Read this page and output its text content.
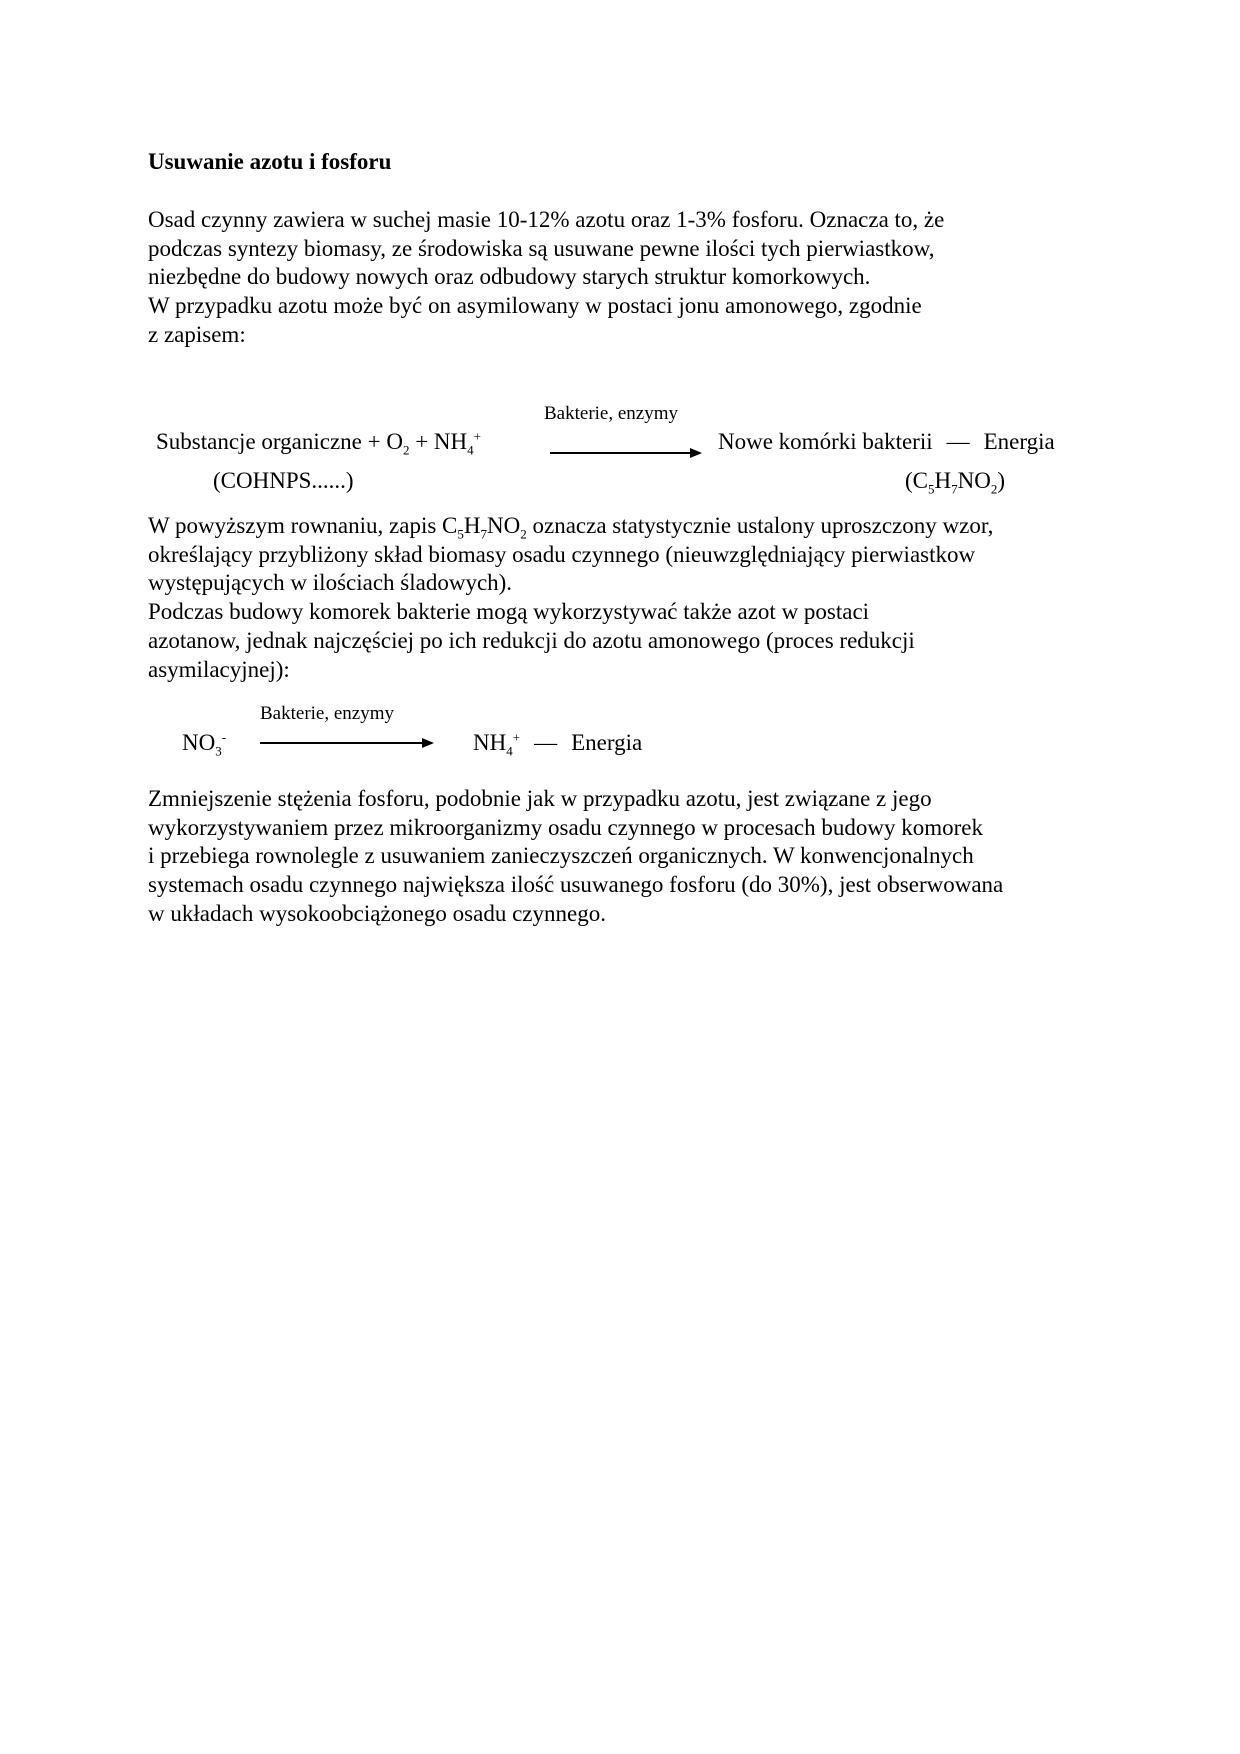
Usuwanie azotu i fosforu
Osad czynny zawiera w suchej masie 10-12% azotu oraz 1-3% fosforu. Oznacza to, że
podczas syntezy biomasy, ze środowiska są usuwane pewne ilości tych pierwiastkow,
niezbędne do budowy nowych oraz odbudowy starych struktur komorkowych.
W przypadku azotu może być on asymilowany w postaci jonu amonowego, zgodnie
z zapisem:
Bakterie, enzymy
Substancje organiczne + $O_2 + NH_4^+$	Nowe komórki bakterii — Energia
(COHNPS......)	$(C_5H_7NO_2)$
W powyższym rownaniu, zapis $C_5H_7NO_2$ oznacza statystycznie ustalony uproszczony wzor,
określający przybliżony skład biomasy osadu czynnego (nieuwzględniający pierwiastkow
występujących w ilościach śladowych).
Podczas budowy komorek bakterie mogą wykorzystywać także azot w postaci
azotanow, jednak najczęściej po ich redukcji do azotu amonowego (proces redukcji
asymilacyjnej):
Bakterie, enzymy
$NO_3^-$	$NH_4^+$ — Energia
Zmniejszenie stężenia fosforu, podobnie jak w przypadku azotu, jest związane z jego
wykorzystywaniem przez mikroorganizmy osadu czynnego w procesach budowy komorek
i przebiega rownolegle z usuwaniem zanieczyszczeń organicznych. W konwencjonalnych
systemach osadu czynnego największa ilość usuwanego fosforu (do 30%), jest obserwowana
w układach wysokoobciążonego osadu czynnego.
